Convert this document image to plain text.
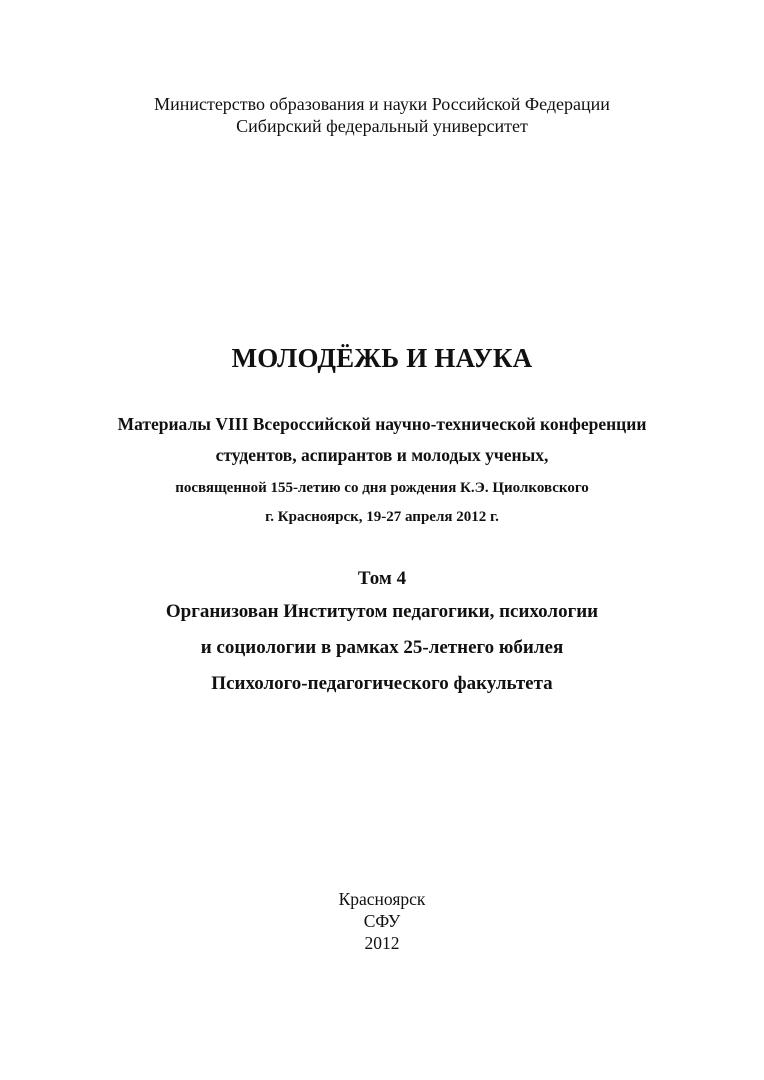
Министерство образования и науки Российской Федерации
Сибирский федеральный университет
МОЛОДЁЖЬ И НАУКА
Материалы VIII Всероссийской научно-технической конференции
студентов, аспирантов и молодых ученых,
посвященной 155-летию со дня рождения К.Э. Циолковского
г. Красноярск, 19-27 апреля 2012 г.
Том 4
Организован Институтом педагогики, психологии
и социологии в рамках 25-летнего юбилея
Психолого-педагогического факультета
Красноярск
СФУ
2012
